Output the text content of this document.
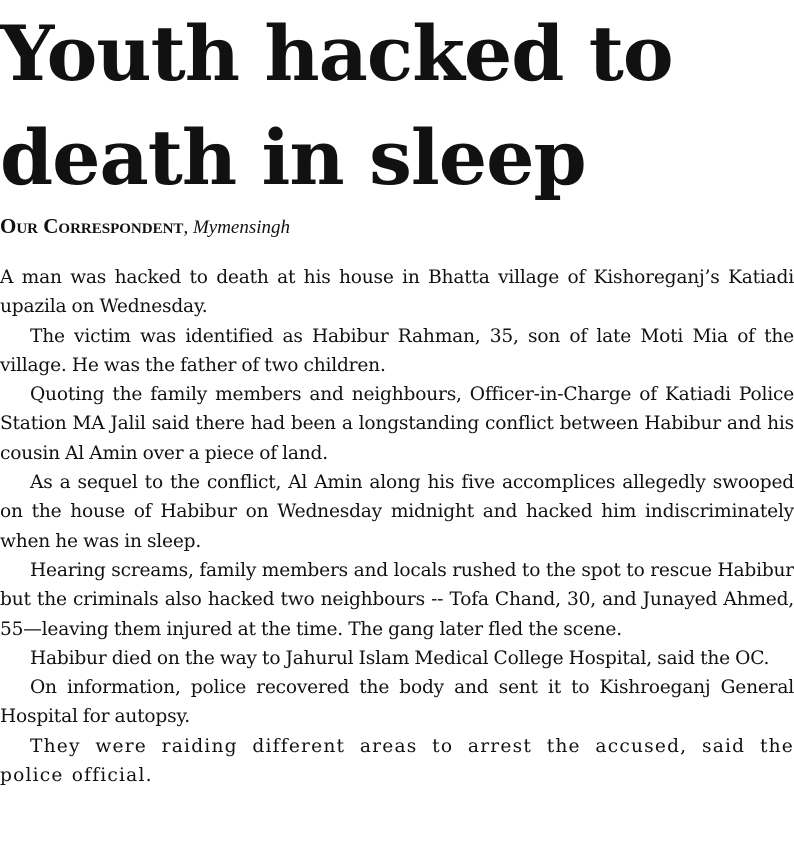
Youth hacked to
death in sleep

Our Correspondent, Mymensingh

A man was hacked to death at his house in Bhatta village of Kishoreganj’s Katiadi upazila on Wednesday.

The victim was identified as Habibur Rahman, 35, son of late Moti Mia of the village. He was the father of two children.

Quoting the family members and neighbours, Officer-in-Charge of Katiadi Police Station MA Jalil said there had been a longstanding conflict between Habibur and his cousin Al Amin over a piece of land.

As a sequel to the conflict, Al Amin along his five accomplices allegedly swooped on the house of Habibur on Wednesday midnight and hacked him indiscriminately when he was in sleep.

Hearing screams, family members and locals rushed to the spot to rescue Habibur but the criminals also hacked two neighbours -- Tofa Chand, 30, and Junayed Ahmed, 55—leaving them injured at the time. The gang later fled the scene.

Habibur died on the way to Jahurul Islam Medical College Hospital, said the OC.

On information, police recovered the body and sent it to Kishroeganj General Hospital for autopsy.

They were raiding different areas to arrest the accused, said the police official.
